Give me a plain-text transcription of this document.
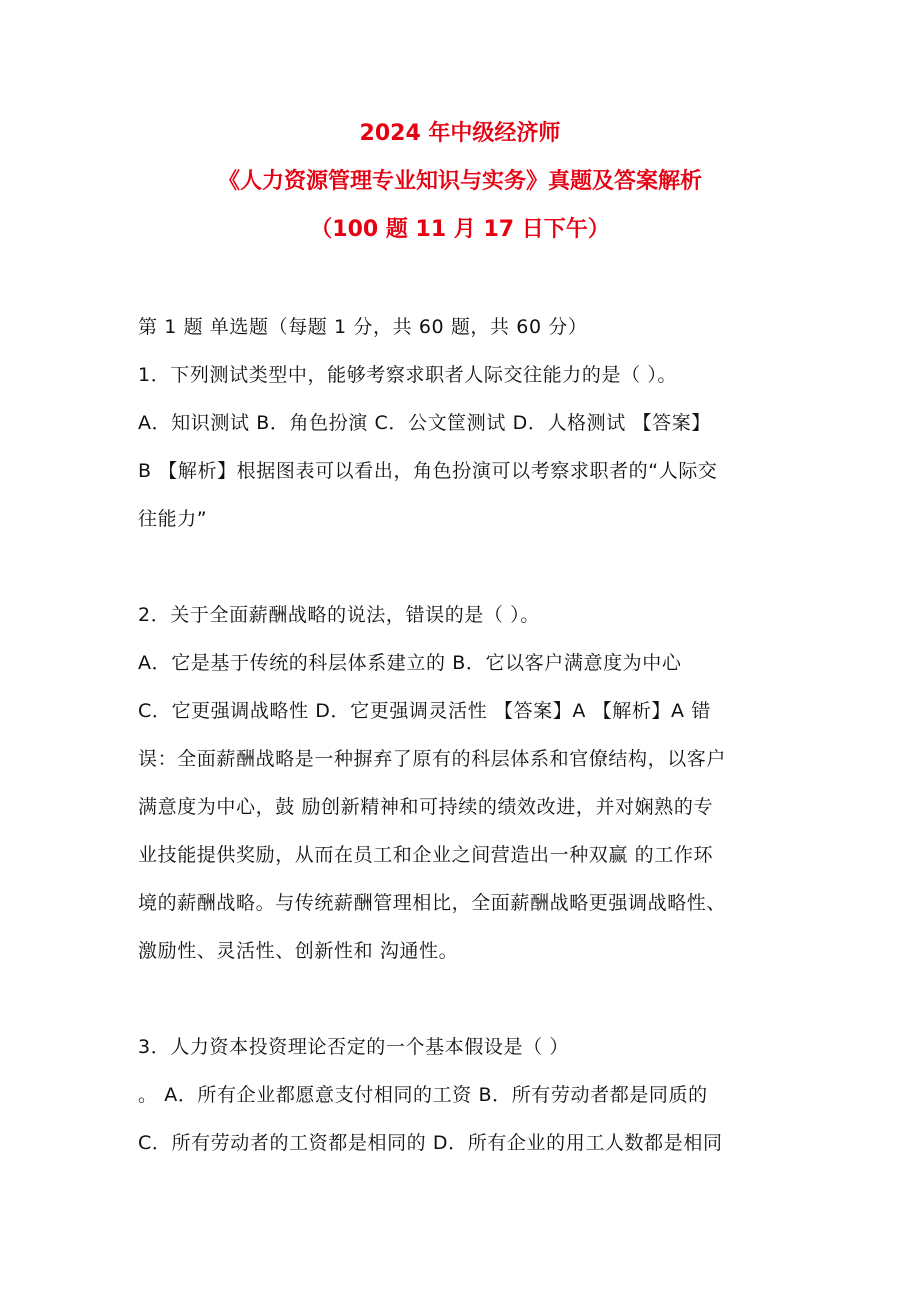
2024 年中级经济师
《人力资源管理专业知识与实务》真题及答案解析
（100 题 11 月 17 日下午）
第 1 题 单选题（每题 1 分，共 60 题，共 60 分）
1．下列测试类型中，能够考察求职者人际交往能力的是（ ）。
A．知识测试 B．角色扮演 C．公文筐测试 D．人格测试 【答案】
B 【解析】根据图表可以看出，角色扮演可以考察求职者的“人际交
往能力”
2．关于全面薪酬战略的说法，错误的是（ ）。
A．它是基于传统的科层体系建立的 B．它以客户满意度为中心
C．它更强调战略性 D．它更强调灵活性 【答案】A 【解析】A 错
误：全面薪酬战略是一种摒弃了原有的科层体系和官僚结构，以客户
满意度为中心，鼓 励创新精神和可持续的绩效改进，并对娴熟的专
业技能提供奖励，从而在员工和企业之间营造出一种双赢 的工作环
境的薪酬战略。与传统薪酬管理相比，全面薪酬战略更强调战略性、
激励性、灵活性、创新性和 沟通性。
3．人力资本投资理论否定的一个基本假设是（ ）
。 A．所有企业都愿意支付相同的工资 B．所有劳动者都是同质的
C．所有劳动者的工资都是相同的 D．所有企业的用工人数都是相同
